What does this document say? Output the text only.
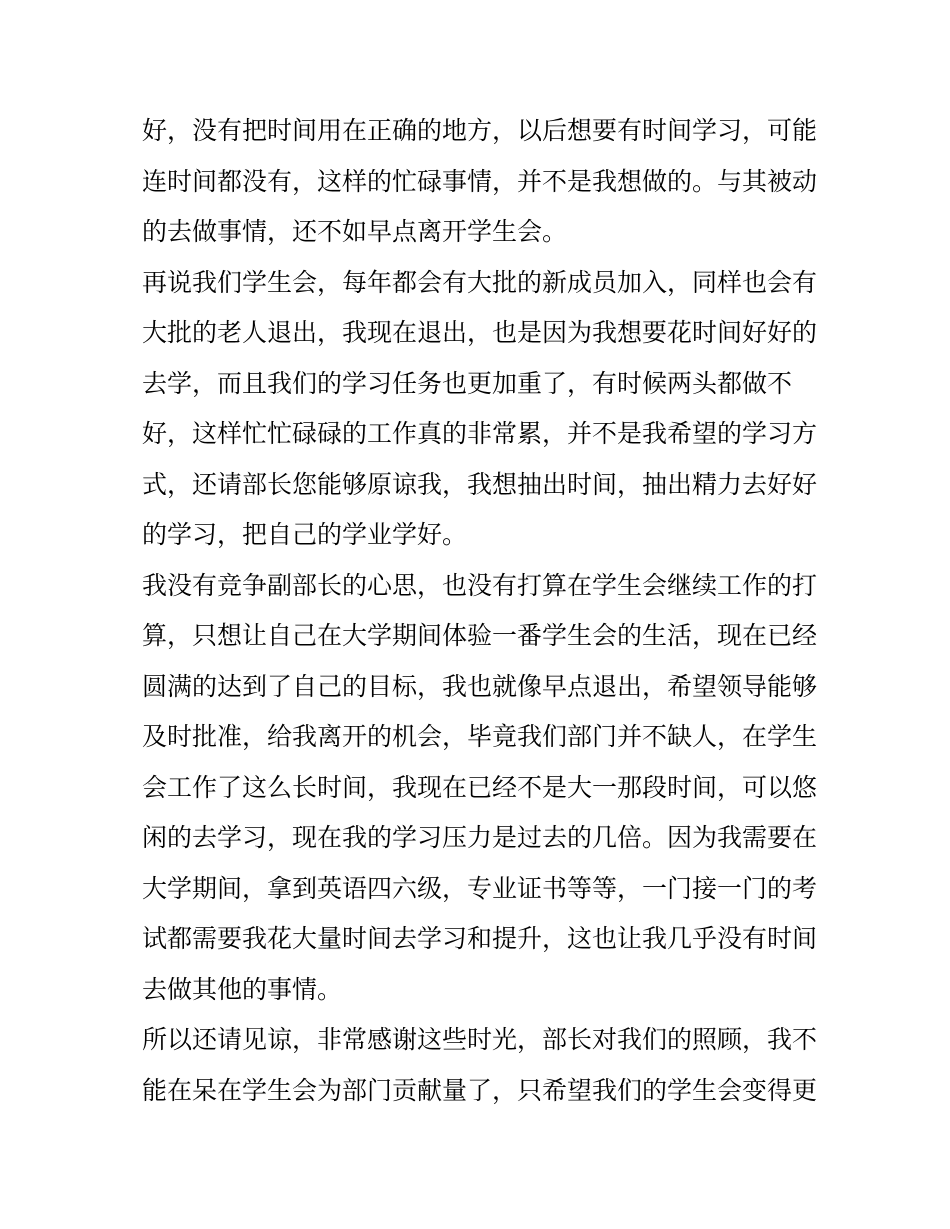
好，没有把时间用在正确的地方，以后想要有时间学习，可能
连时间都没有，这样的忙碌事情，并不是我想做的。与其被动
的去做事情，还不如早点离开学生会。
再说我们学生会，每年都会有大批的新成员加入，同样也会有
大批的老人退出，我现在退出，也是因为我想要花时间好好的
去学，而且我们的学习任务也更加重了，有时候两头都做不
好，这样忙忙碌碌的工作真的非常累，并不是我希望的学习方
式，还请部长您能够原谅我，我想抽出时间，抽出精力去好好
的学习，把自己的学业学好。
我没有竞争副部长的心思，也没有打算在学生会继续工作的打
算，只想让自己在大学期间体验一番学生会的生活，现在已经
圆满的达到了自己的目标，我也就像早点退出，希望领导能够
及时批准，给我离开的机会，毕竟我们部门并不缺人，在学生
会工作了这么长时间，我现在已经不是大一那段时间，可以悠
闲的去学习，现在我的学习压力是过去的几倍。因为我需要在
大学期间，拿到英语四六级，专业证书等等，一门接一门的考
试都需要我花大量时间去学习和提升，这也让我几乎没有时间
去做其他的事情。
所以还请见谅，非常感谢这些时光，部长对我们的照顾，我不
能在呆在学生会为部门贡献量了，只希望我们的学生会变得更
